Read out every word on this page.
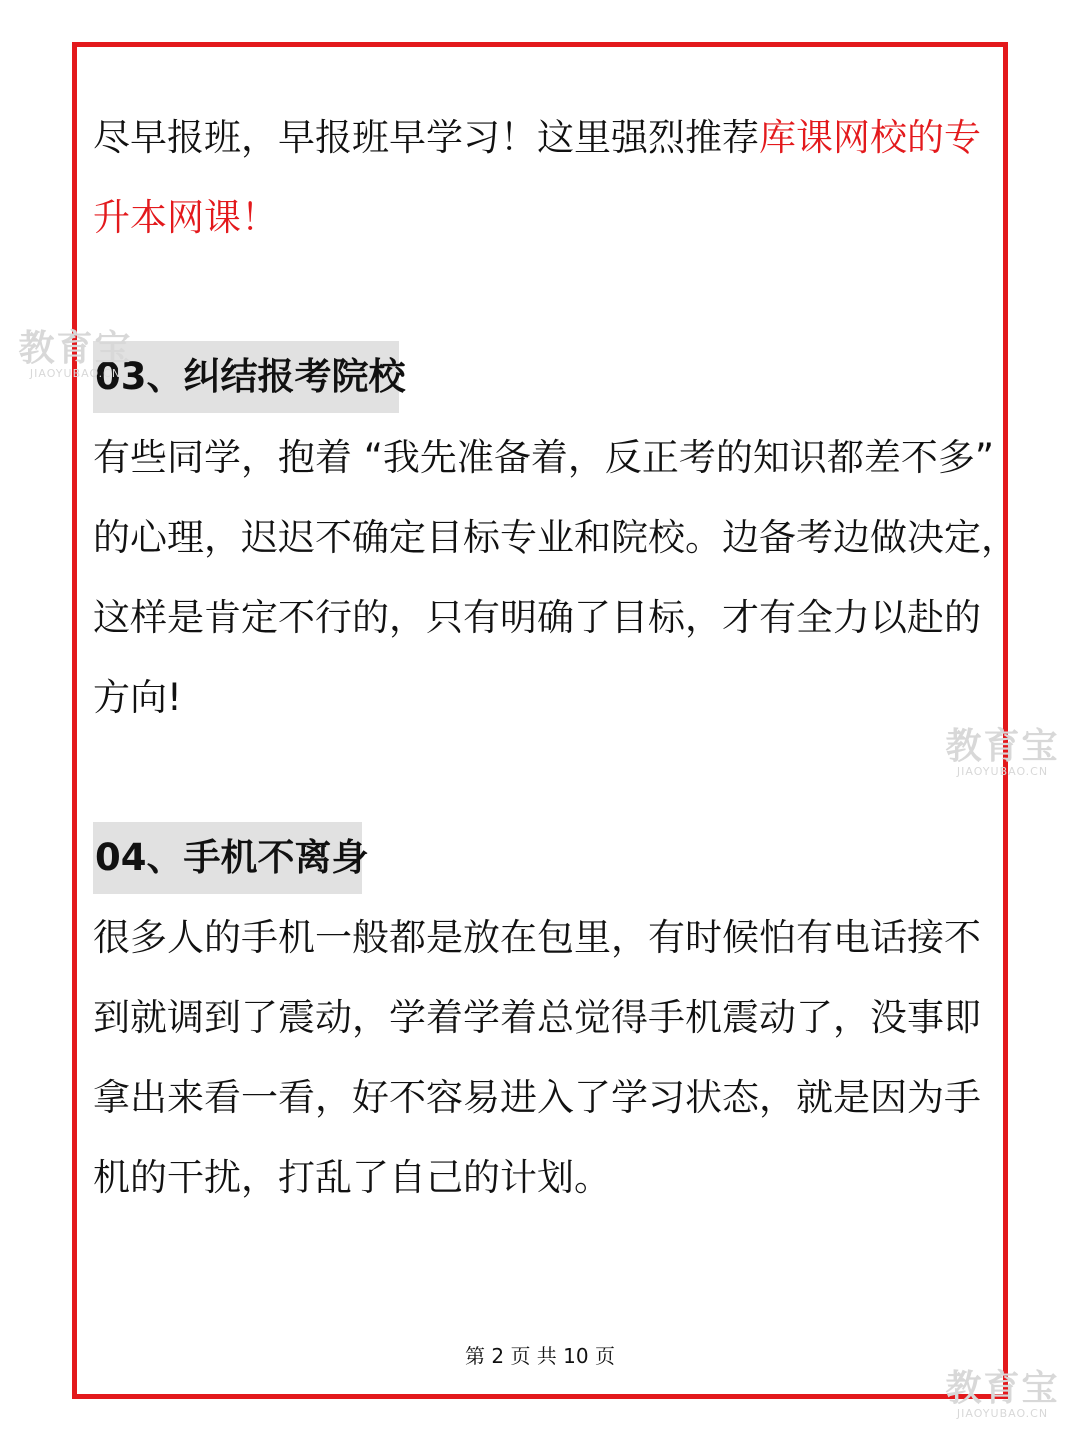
尽早报班，早报班早学习！这里强烈推荐库课网校的专
升本网课！
03、纠结报考院校
有些同学，抱着 “我先准备着，反正考的知识都差不多”
的心理，迟迟不确定目标专业和院校。边备考边做决定，
这样是肯定不行的，只有明确了目标，才有全力以赴的
方向!
04、手机不离身
很多人的手机一般都是放在包里，有时候怕有电话接不
到就调到了震动，学着学着总觉得手机震动了，没事即
拿出来看一看，好不容易进入了学习状态，就是因为手
机的干扰，打乱了自己的计划。
第 2 页 共 10 页
教育宝
JIAOYUBAO.CN
教育宝
JIAOYUBAO.CN
教育宝
JIAOYUBAO.CN
